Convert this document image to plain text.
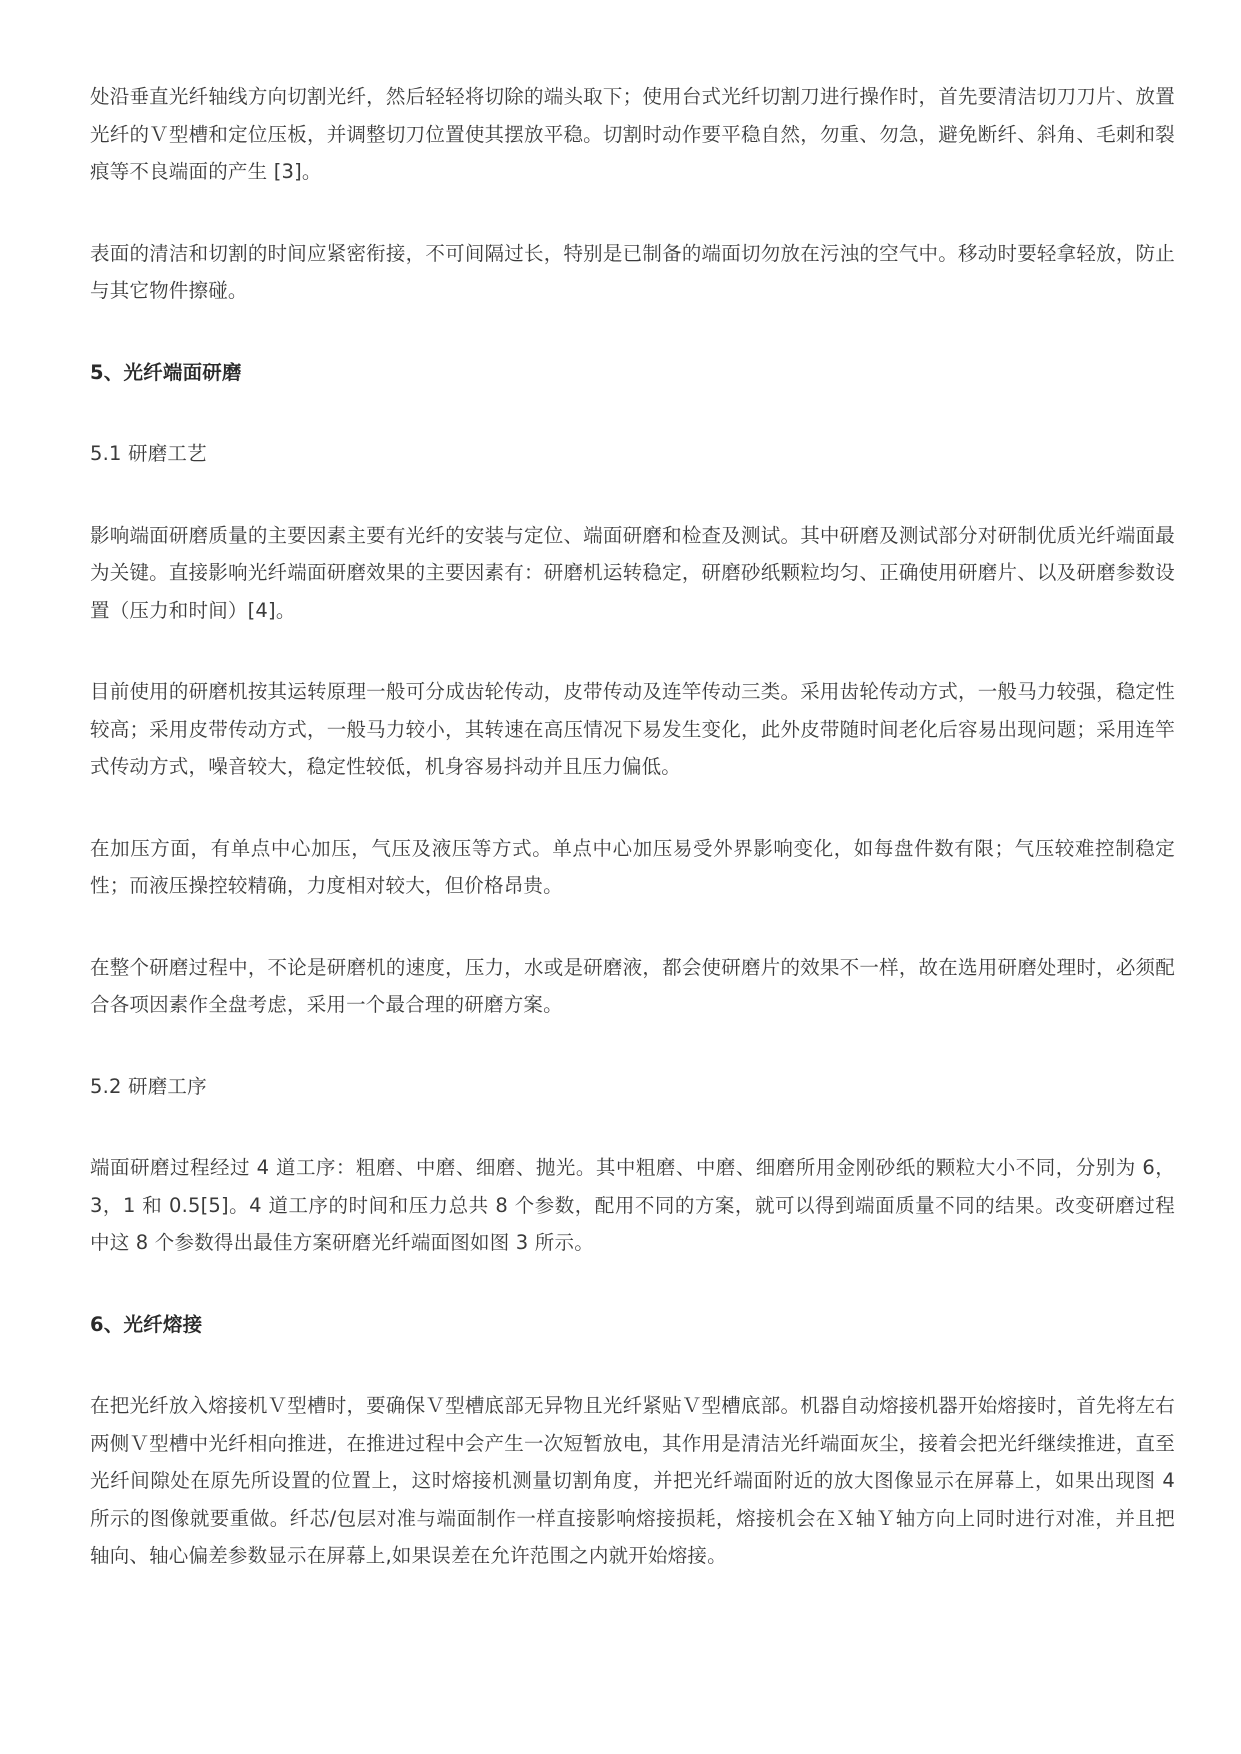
处沿垂直光纤轴线方向切割光纤，然后轻轻将切除的端头取下；使用台式光纤切割刀进行操作时，首先要清洁切刀刀片、放置光纤的Ｖ型槽和定位压板，并调整切刀位置使其摆放平稳。切割时动作要平稳自然，勿重、勿急，避免断纤、斜角、毛刺和裂痕等不良端面的产生 [3]。

表面的清洁和切割的时间应紧密衔接，不可间隔过长，特别是已制备的端面切勿放在污浊的空气中。移动时要轻拿轻放，防止与其它物件擦碰。

5、光纤端面研磨

5.1 研磨工艺

影响端面研磨质量的主要因素主要有光纤的安装与定位、端面研磨和检查及测试。其中研磨及测试部分对研制优质光纤端面最为关键。直接影响光纤端面研磨效果的主要因素有：研磨机运转稳定，研磨砂纸颗粒均匀、正确使用研磨片、以及研磨参数设置（压力和时间）[4]。

目前使用的研磨机按其运转原理一般可分成齿轮传动，皮带传动及连竿传动三类。采用齿轮传动方式，一般马力较强，稳定性较高；采用皮带传动方式，一般马力较小，其转速在高压情况下易发生变化，此外皮带随时间老化后容易出现问题；采用连竿式传动方式，噪音较大，稳定性较低，机身容易抖动并且压力偏低。

在加压方面，有单点中心加压，气压及液压等方式。单点中心加压易受外界影响变化，如每盘件数有限；气压较难控制稳定性；而液压操控较精确，力度相对较大，但价格昂贵。

在整个研磨过程中，不论是研磨机的速度，压力，水或是研磨液，都会使研磨片的效果不一样，故在选用研磨处理时，必须配合各项因素作全盘考虑，采用一个最合理的研磨方案。

5.2 研磨工序

端面研磨过程经过 4 道工序：粗磨、中磨、细磨、抛光。其中粗磨、中磨、细磨所用金刚砂纸的颗粒大小不同，分别为 6，3，1 和 0.5[5]。4 道工序的时间和压力总共 8 个参数，配用不同的方案，就可以得到端面质量不同的结果。改变研磨过程中这 8 个参数得出最佳方案研磨光纤端面图如图 3 所示。

6、光纤熔接

在把光纤放入熔接机Ｖ型槽时，要确保Ｖ型槽底部无异物且光纤紧贴Ｖ型槽底部。机器自动熔接机器开始熔接时，首先将左右两侧Ｖ型槽中光纤相向推进，在推进过程中会产生一次短暂放电，其作用是清洁光纤端面灰尘，接着会把光纤继续推进，直至光纤间隙处在原先所设置的位置上，这时熔接机测量切割角度，并把光纤端面附近的放大图像显示在屏幕上，如果出现图 4 所示的图像就要重做。纤芯/包层对准与端面制作一样直接影响熔接损耗，熔接机会在Ｘ轴Ｙ轴方向上同时进行对准，并且把轴向、轴心偏差参数显示在屏幕上,如果误差在允许范围之内就开始熔接。
